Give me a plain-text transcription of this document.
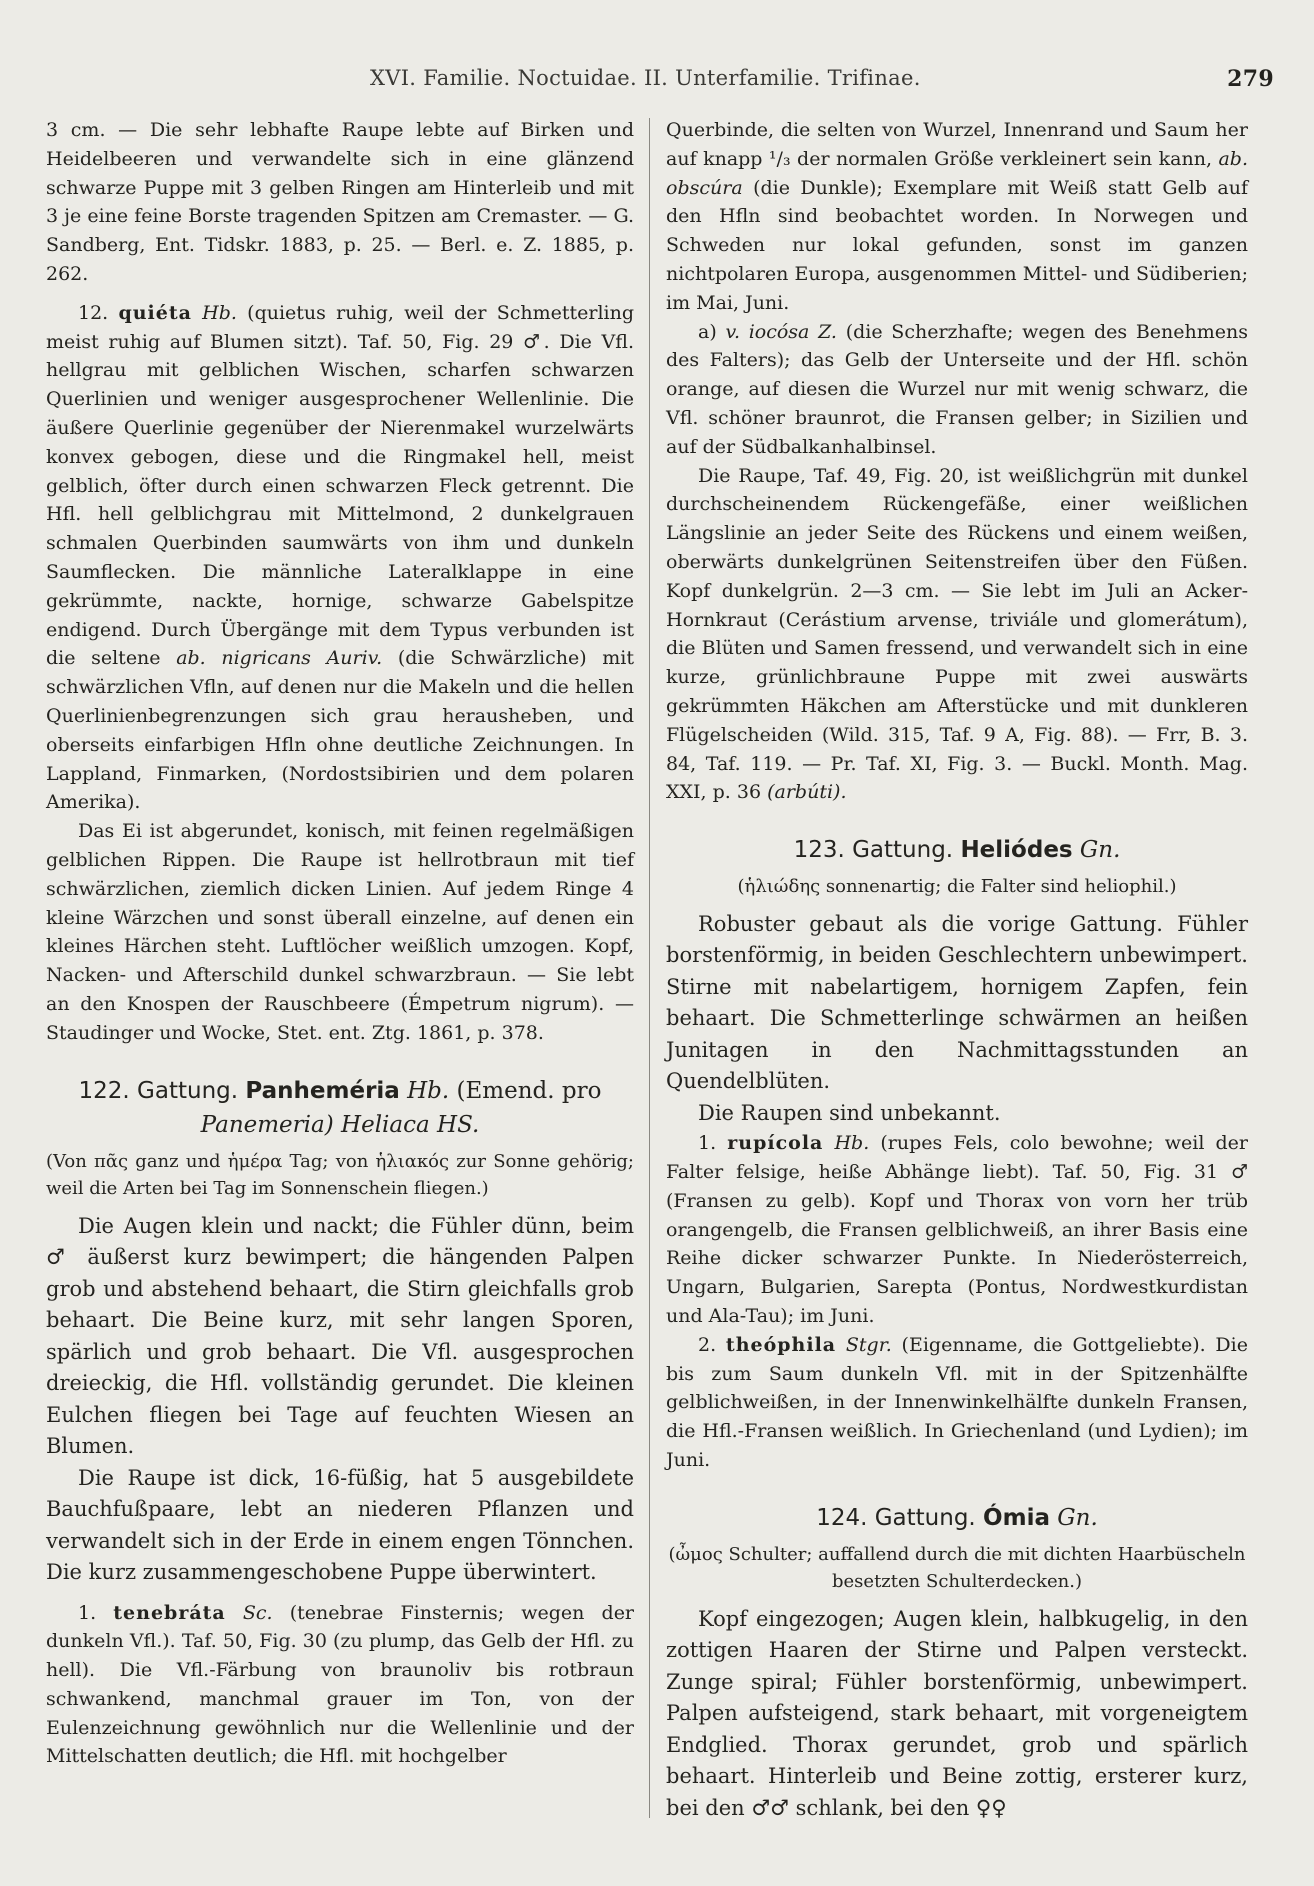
XVI. Familie. Noctuidae. II. Unterfamilie. Trifinae.	279

3 cm. — Die sehr lebhafte Raupe lebte auf Birken und Heidelbeeren und verwandelte sich in eine glänzend schwarze Puppe mit 3 gelben Ringen am Hinterleib und mit 3 je eine feine Borste tragenden Spitzen am Cremaster. — G. Sandberg, Ent. Tidskr. 1883, p. 25. — Berl. e. Z. 1885, p. 262.

12. quiéta Hb. (quietus ruhig, weil der Schmetterling meist ruhig auf Blumen sitzt). Taf. 50, Fig. 29 ♂. Die Vfl. hellgrau mit gelblichen Wischen, scharfen schwarzen Querlinien und weniger ausgesprochener Wellenlinie. Die äußere Querlinie gegenüber der Nierenmakel wurzelwärts konvex gebogen, diese und die Ringmakel hell, meist gelblich, öfter durch einen schwarzen Fleck getrennt. Die Hfl. hell gelblichgrau mit Mittelmond, 2 dunkelgrauen schmalen Querbinden saumwärts von ihm und dunkeln Saumflecken. Die männliche Lateralklappe in eine gekrümmte, nackte, hornige, schwarze Gabelspitze endigend. Durch Übergänge mit dem Typus verbunden ist die seltene ab. nigricans Auriv. (die Schwärzliche) mit schwärzlichen Vfln, auf denen nur die Makeln und die hellen Querlinienbegrenzungen sich grau herausheben, und oberseits einfarbigen Hfln ohne deutliche Zeichnungen. In Lappland, Finmarken, (Nordostsibirien und dem polaren Amerika).

Das Ei ist abgerundet, konisch, mit feinen regelmäßigen gelblichen Rippen. Die Raupe ist hellrotbraun mit tief schwärzlichen, ziemlich dicken Linien. Auf jedem Ringe 4 kleine Wärzchen und sonst überall einzelne, auf denen ein kleines Härchen steht. Luftlöcher weißlich umzogen. Kopf, Nacken- und Afterschild dunkel schwarzbraun. — Sie lebt an den Knospen der Rauschbeere (Émpetrum nigrum). — Staudinger und Wocke, Stet. ent. Ztg. 1861, p. 378.

122. Gattung. Panheméria Hb. (Emend. pro
Panemeria) Heliaca HS.

(Von πᾶς ganz und ἡμέρα Tag; von ἡλιακός zur Sonne gehörig; weil die Arten bei Tag im Sonnenschein fliegen.)

Die Augen klein und nackt; die Fühler dünn, beim ♂ äußerst kurz bewimpert; die hängenden Palpen grob und abstehend behaart, die Stirn gleichfalls grob behaart. Die Beine kurz, mit sehr langen Sporen, spärlich und grob behaart. Die Vfl. ausgesprochen dreieckig, die Hfl. vollständig gerundet. Die kleinen Eulchen fliegen bei Tage auf feuchten Wiesen an Blumen.

Die Raupe ist dick, 16-füßig, hat 5 ausgebildete Bauchfußpaare, lebt an niederen Pflanzen und verwandelt sich in der Erde in einem engen Tönnchen. Die kurz zusammengeschobene Puppe überwintert.

1. tenebráta Sc. (tenebrae Finsternis; wegen der dunkeln Vfl.). Taf. 50, Fig. 30 (zu plump, das Gelb der Hfl. zu hell). Die Vfl.-Färbung von braunoliv bis rotbraun schwankend, manchmal grauer im Ton, von der Eulenzeichnung gewöhnlich nur die Wellenlinie und der Mittelschatten deutlich; die Hfl. mit hochgelber

Querbinde, die selten von Wurzel, Innenrand und Saum her auf knapp ¹/₃ der normalen Größe verkleinert sein kann, ab. obscúra (die Dunkle); Exemplare mit Weiß statt Gelb auf den Hfln sind beobachtet worden. In Norwegen und Schweden nur lokal gefunden, sonst im ganzen nichtpolaren Europa, ausgenommen Mittel- und Südiberien; im Mai, Juni.

a) v. iocósa Z. (die Scherzhafte; wegen des Benehmens des Falters); das Gelb der Unterseite und der Hfl. schön orange, auf diesen die Wurzel nur mit wenig schwarz, die Vfl. schöner braunrot, die Fransen gelber; in Sizilien und auf der Südbalkanhalbinsel.

Die Raupe, Taf. 49, Fig. 20, ist weißlichgrün mit dunkel durchscheinendem Rückengefäße, einer weißlichen Längslinie an jeder Seite des Rückens und einem weißen, oberwärts dunkelgrünen Seitenstreifen über den Füßen. Kopf dunkelgrün. 2—3 cm. — Sie lebt im Juli an Acker-Hornkraut (Cerástium arvense, triviále und glomerátum), die Blüten und Samen fressend, und verwandelt sich in eine kurze, grünlichbraune Puppe mit zwei auswärts gekrümmten Häkchen am Afterstücke und mit dunkleren Flügelscheiden (Wild. 315, Taf. 9 A, Fig. 88). — Frr, B. 3. 84, Taf. 119. — Pr. Taf. XI, Fig. 3. — Buckl. Month. Mag. XXI, p. 36 (arbúti).

123. Gattung. Heliódes Gn.

(ἡλιώδης sonnenartig; die Falter sind heliophil.)

Robuster gebaut als die vorige Gattung. Fühler borstenförmig, in beiden Geschlechtern unbewimpert. Stirne mit nabelartigem, hornigem Zapfen, fein behaart. Die Schmetterlinge schwärmen an heißen Junitagen in den Nachmittagsstunden an Quendelblüten.

Die Raupen sind unbekannt.

1. rupícola Hb. (rupes Fels, colo bewohne; weil der Falter felsige, heiße Abhänge liebt). Taf. 50, Fig. 31 ♂ (Fransen zu gelb). Kopf und Thorax von vorn her trüb orangengelb, die Fransen gelblichweiß, an ihrer Basis eine Reihe dicker schwarzer Punkte. In Niederösterreich, Ungarn, Bulgarien, Sarepta (Pontus, Nordwestkurdistan und Ala-Tau); im Juni.

2. theóphila Stgr. (Eigenname, die Gottgeliebte). Die bis zum Saum dunkeln Vfl. mit in der Spitzenhälfte gelblichweißen, in der Innenwinkelhälfte dunkeln Fransen, die Hfl.-Fransen weißlich. In Griechenland (und Lydien); im Juni.

124. Gattung. Ómia Gn.

(ὦμος Schulter; auffallend durch die mit dichten Haarbüscheln besetzten Schulterdecken.)

Kopf eingezogen; Augen klein, halbkugelig, in den zottigen Haaren der Stirne und Palpen versteckt. Zunge spiral; Fühler borstenförmig, unbewimpert. Palpen aufsteigend, stark behaart, mit vorgeneigtem Endglied. Thorax gerundet, grob und spärlich behaart. Hinterleib und Beine zottig, ersterer kurz, bei den ♂♂ schlank, bei den ♀♀
